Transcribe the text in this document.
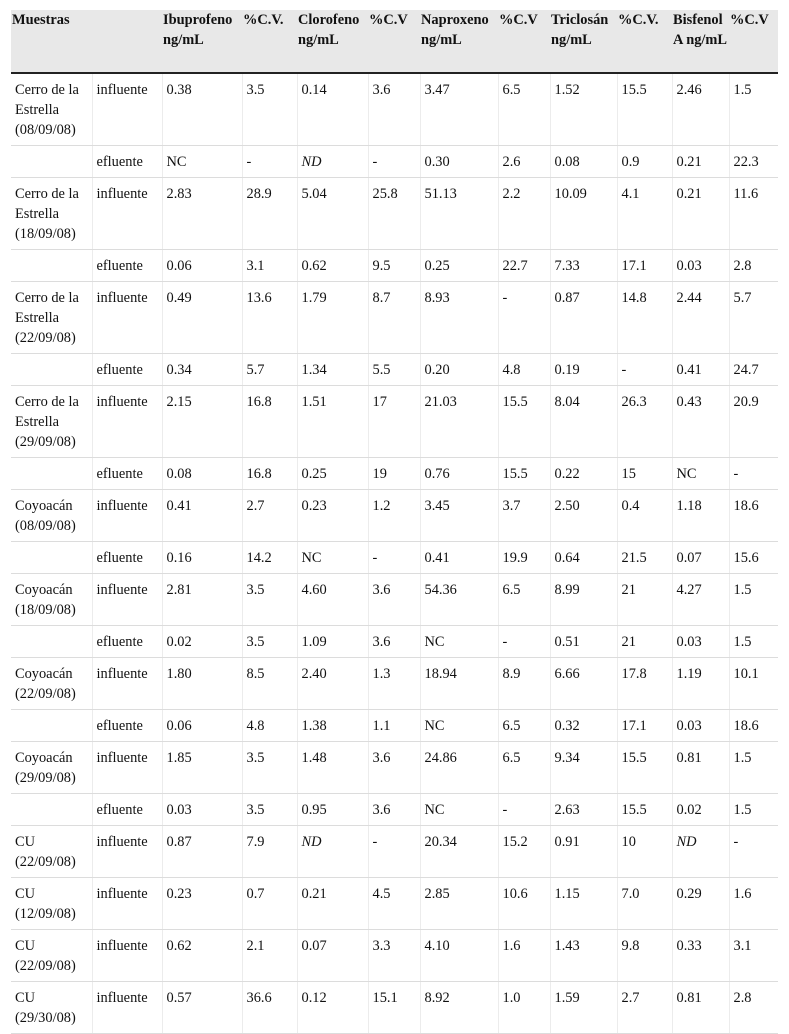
Muestras		Ibuprofeno ng/mL	%C.V.	Clorofeno ng/mL	%C.V	Naproxeno ng/mL	%C.V	Triclosán ng/mL	%C.V.	Bisfenol A ng/mL	%C.V
Cerro de la Estrella (08/09/08)	influente	0.38	3.5	0.14	3.6	3.47	6.5	1.52	15.5	2.46	1.5
	efluente	NC	-	ND	-	0.30	2.6	0.08	0.9	0.21	22.3
Cerro de la Estrella (18/09/08)	influente	2.83	28.9	5.04	25.8	51.13	2.2	10.09	4.1	0.21	11.6
	efluente	0.06	3.1	0.62	9.5	0.25	22.7	7.33	17.1	0.03	2.8
Cerro de la Estrella (22/09/08)	influente	0.49	13.6	1.79	8.7	8.93	-	0.87	14.8	2.44	5.7
	efluente	0.34	5.7	1.34	5.5	0.20	4.8	0.19	-	0.41	24.7
Cerro de la Estrella (29/09/08)	influente	2.15	16.8	1.51	17	21.03	15.5	8.04	26.3	0.43	20.9
	efluente	0.08	16.8	0.25	19	0.76	15.5	0.22	15	NC	-
Coyoacán (08/09/08)	influente	0.41	2.7	0.23	1.2	3.45	3.7	2.50	0.4	1.18	18.6
	efluente	0.16	14.2	NC	-	0.41	19.9	0.64	21.5	0.07	15.6
Coyoacán (18/09/08)	influente	2.81	3.5	4.60	3.6	54.36	6.5	8.99	21	4.27	1.5
	efluente	0.02	3.5	1.09	3.6	NC	-	0.51	21	0.03	1.5
Coyoacán (22/09/08)	influente	1.80	8.5	2.40	1.3	18.94	8.9	6.66	17.8	1.19	10.1
	efluente	0.06	4.8	1.38	1.1	NC	6.5	0.32	17.1	0.03	18.6
Coyoacán (29/09/08)	influente	1.85	3.5	1.48	3.6	24.86	6.5	9.34	15.5	0.81	1.5
	efluente	0.03	3.5	0.95	3.6	NC	-	2.63	15.5	0.02	1.5
CU (22/09/08)	influente	0.87	7.9	ND	-	20.34	15.2	0.91	10	ND	-
CU (12/09/08)	influente	0.23	0.7	0.21	4.5	2.85	10.6	1.15	7.0	0.29	1.6
CU (22/09/08)	influente	0.62	2.1	0.07	3.3	4.10	1.6	1.43	9.8	0.33	3.1
CU (29/30/08)	influente	0.57	36.6	0.12	15.1	8.92	1.0	1.59	2.7	0.81	2.8
